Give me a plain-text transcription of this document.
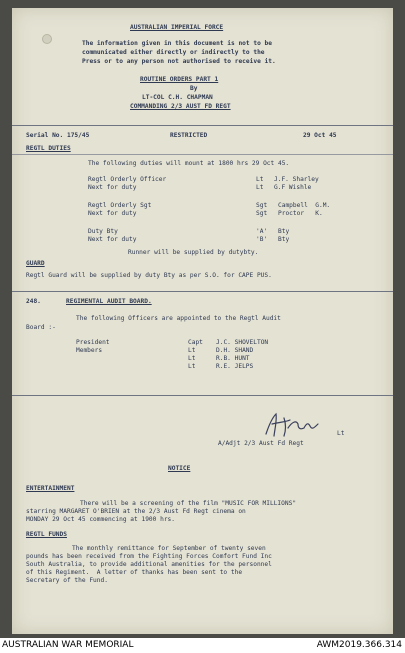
AUSTRALIAN IMPERIAL FORCE
The information given in this document is not to be
communicated either directly or indirectly to the
Press or to any person not authorised to receive it.
ROUTINE ORDERS PART 1
By
LT-COL C.H. CHAPMAN
COMMANDING 2/3 AUST FD REGT
Serial No. 175/45	RESTRICTED	29 Oct 45
REGTL DUTIES
The following duties will mount at 1800 hrs 29 Oct 45.
Regtl Orderly Officer	Lt J.F. Sharley
Next for duty	Lt G.F Wishle
Regtl Orderly Sgt	Sgt Campbell  G.M.
Next for duty	Sgt Proctor   K.
Duty Bty	'A' Bty
Next for duty	'B' Bty
Runner will be supplied by dutybty.
GUARD
Regtl Guard will be supplied by duty Bty as per S.O. for CAPE PUS.
248.	REGIMENTAL AUDIT BOARD.
The following Officers are appointed to the Regtl Audit
Board :-
President	Capt J.C. SHOVELTON
Members	Lt	D.H. SHAND
Lt	R.B. HUNT
Lt	R.E. JELPS
Lt
A/Adjt 2/3 Aust Fd Regt
NOTICE
ENTERTAINMENT
There will be a screening of the film "MUSIC FOR MILLIONS"
starring MARGARET O'BRIEN at the 2/3 Aust Fd Regt cinema on
MONDAY 29 Oct 45 commencing at 1900 hrs.
REGTL FUNDS
The monthly remittance for September of twenty seven
pounds has been received from the Fighting Forces Comfort Fund Inc
South Australia, to provide additional amenities for the personnel
of this Regiment.  A letter of thanks has been sent to the
Secretary of the Fund.
AUSTRALIAN WAR MEMORIAL	AWM2019.366.314
